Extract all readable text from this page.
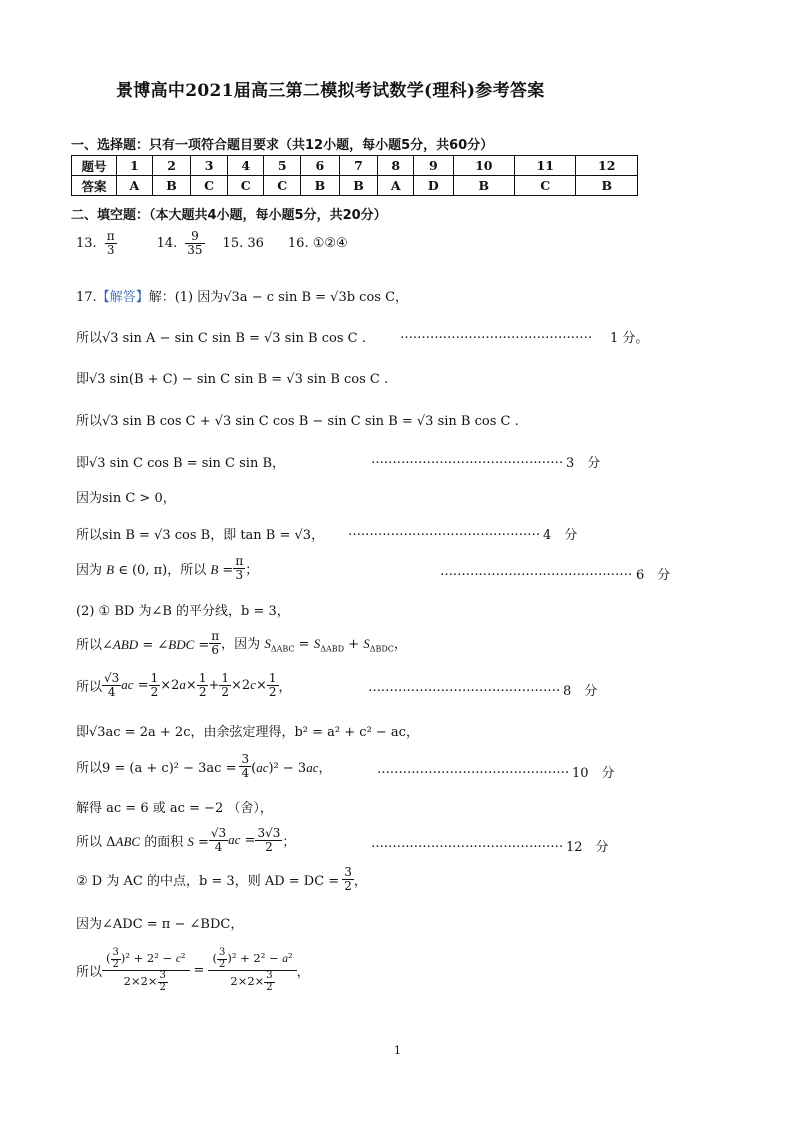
景博高中2021届高三第二模拟考试数学(理科)参考答案
一、选择题：只有一项符合题目要求（共12小题，每小题5分，共60分）
题号	1	2	3	4	5	6	7	8	9	10	11	12
答案	A	B	C	C	C	B	B	A	D	B	C	B
二、填空题：（本大题共4小题，每小题5分，共20分）
13. $\frac{\pi}{3}$	14. $\frac{9}{35} 15$. 36 16. ①②④
17.【解答】解：(1) 因为√3a − c sin B = √3b cos C，
所以√3 sin A − sin C sin B = √3 sin B cos C .	……………………………………… 1 分。
即√3 sin(B + C) − sin C sin B = √3 sin B cos C .
所以√3 sin B cos C + √3 sin C cos B − sin C sin B = √3 sin B cos C .
即√3 sin C cos B = sin C sin B，	……………………………………… 3　分
因为sin C > 0，
所以sin B = √3 cos B，即 tan B = √3， ……………………………………… 4　分
因为 B ∈ (0, π)，所以 $B = \frac{\pi}{3}$ ；	……………………………………… 6　分
(2) ① BD 为∠B 的平分线，b = 3，
所以∠ABD = ∠BDC = $\frac{\pi}{6}$ ，因为 $S_{\Delta ABC} = S_{\Delta ABD} + S_{\Delta BDC}$，
所以 $\frac{√3}{4}$ ac = $\frac{1}{2} \times 2a\times \frac{1}{2} + \frac{1}{2} \times 2c\times \frac{1}{2}$ ，	……………………………………… 8　分
即√3ac = 2a + 2c，由余弦定理得，b² = a² + c² − ac，
所以$9 = (a + c)^2 - 3ac = \frac{3}{4} (ac)^2 - 3ac$，	……………………………………… 10　分
解得 ac = 6 或 ac = −2 （舍），
所以 ΔABC 的面积 $S = \frac{√3}{4}$ ac = $\frac{3√3}{2}$ ；	……………………………………… 12　分
② D 为 AC 的中点，b = 3，则 AD = DC = $\frac{3}{2}$ ，
因为∠ADC = π − ∠BDC，
所以 $\frac{( \frac{3}{2} )^2 + 2^2 - c^2}{2\times 2\times \frac{3}{2}} = \frac{( \frac{3}{2} )^2 + 2^2 - a^2}{2\times 2\times \frac{3}{2}}$ ，
1
